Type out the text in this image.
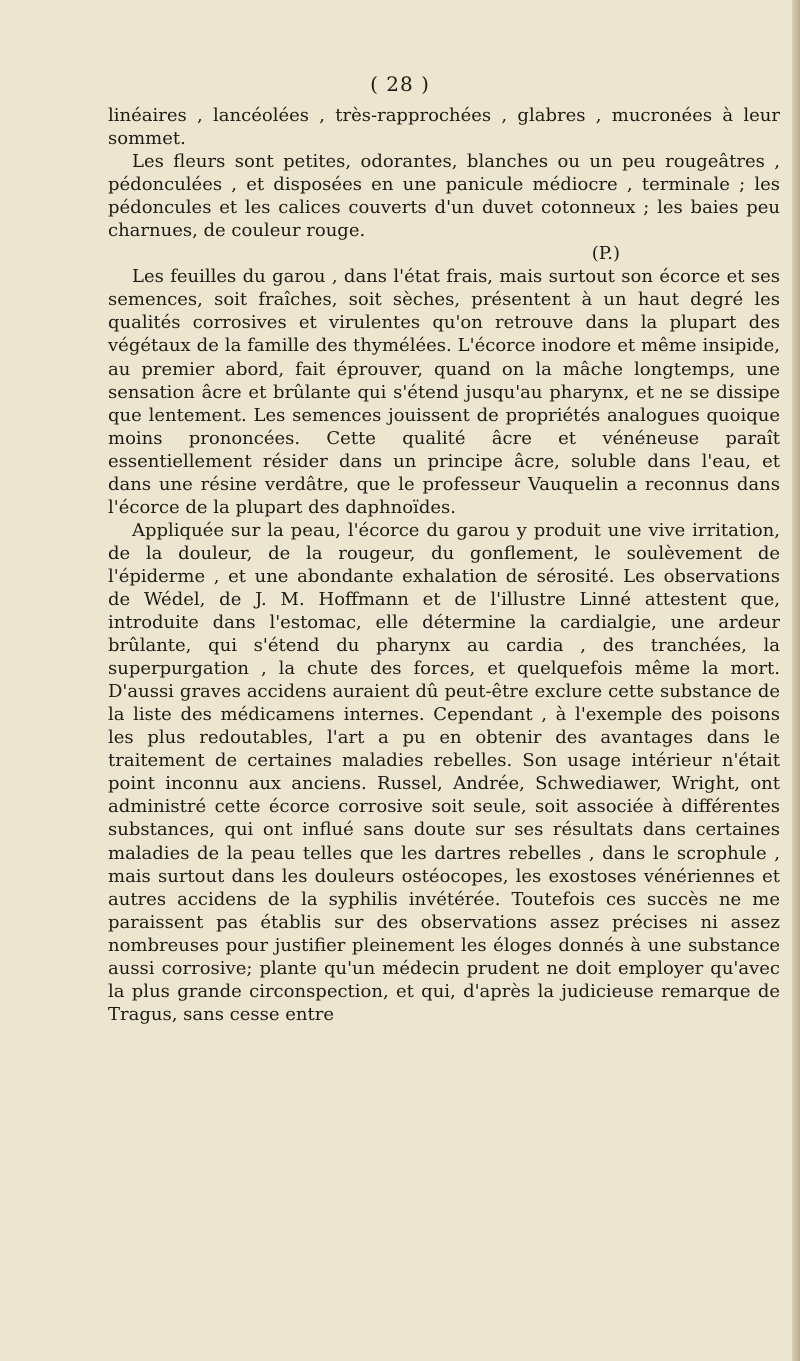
( 28 )

linéaires , lancéolées , très-rapprochées , glabres , mucronées à leur sommet.

Les fleurs sont petites, odorantes, blanches ou un peu rougeâtres , pédonculées , et disposées en une panicule médiocre , terminale ; les pédoncules et les calices couverts d'un duvet cotonneux ; les baies peu charnues, de couleur rouge.

(P.)

Les feuilles du garou , dans l'état frais, mais surtout son écorce et ses semences, soit fraîches, soit sèches, présentent à un haut degré les qualités corrosives et virulentes qu'on retrouve dans la plupart des végétaux de la famille des thymélées. L'écorce inodore et même insipide, au premier abord, fait éprouver, quand on la mâche longtemps, une sensation âcre et brûlante qui s'étend jusqu'au pharynx, et ne se dissipe que lentement. Les semences jouissent de propriétés analogues quoique moins prononcées. Cette qualité âcre et vénéneuse paraît essentiellement résider dans un principe âcre, soluble dans l'eau, et dans une résine verdâtre, que le professeur Vauquelin a reconnus dans l'écorce de la plupart des daphnoïdes.

Appliquée sur la peau, l'écorce du garou y produit une vive irritation, de la douleur, de la rougeur, du gonflement, le soulèvement de l'épiderme , et une abondante exhalation de sérosité. Les observations de Wédel, de J. M. Hoffmann et de l'illustre Linné attestent que, introduite dans l'estomac, elle détermine la cardialgie, une ardeur brûlante, qui s'étend du pharynx au cardia , des tranchées, la superpurgation , la chute des forces, et quelquefois même la mort. D'aussi graves accidens auraient dû peut-être exclure cette substance de la liste des médicamens internes. Cependant , à l'exemple des poisons les plus redoutables, l'art a pu en obtenir des avantages dans le traitement de certaines maladies rebelles. Son usage intérieur n'était point inconnu aux anciens. Russel, Andrée, Schwediawer, Wright, ont administré cette écorce corrosive soit seule, soit associée à différentes substances, qui ont influé sans doute sur ses résultats dans certaines maladies de la peau telles que les dartres rebelles , dans le scrophule , mais surtout dans les douleurs ostéocopes, les exostoses vénériennes et autres accidens de la syphilis invétérée. Toutefois ces succès ne me paraissent pas établis sur des observations assez précises ni assez nombreuses pour justifier pleinement les éloges donnés à une substance aussi corrosive; plante qu'un médecin prudent ne doit employer qu'avec la plus grande circonspection, et qui, d'après la judicieuse remarque de Tragus, sans cesse entre
